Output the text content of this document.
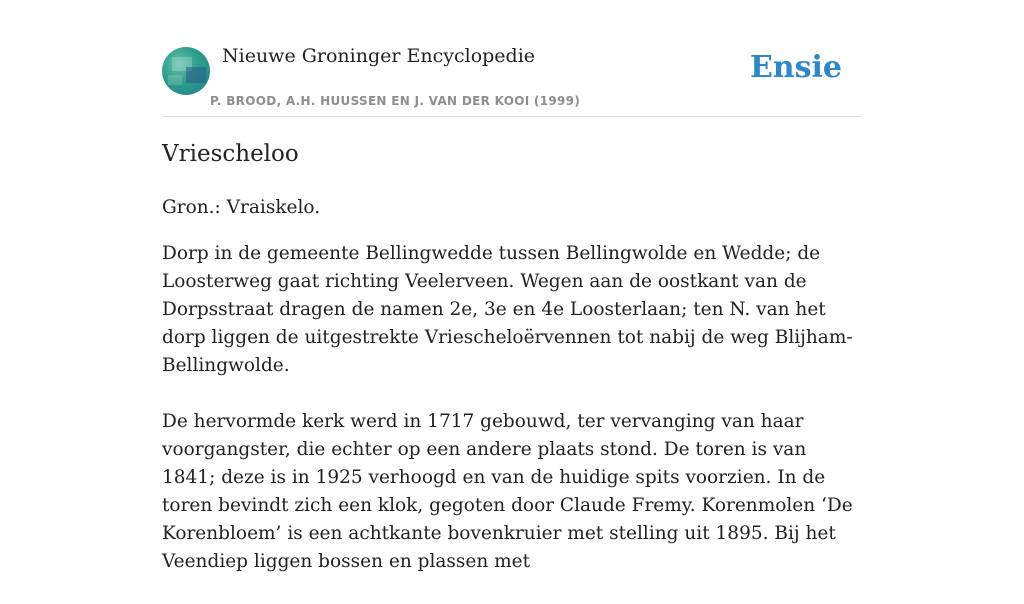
Nieuwe Groninger Encyclopedie
P. BROOD, A.H. HUUSSEN EN J. VAN DER KOOI (1999)
Ensie
Vriescheloo

Gron.: Vraiskelo.

Dorp in de gemeente Bellingwedde tussen Bellingwolde en Wedde; de Loosterweg gaat richting Veelerveen. Wegen aan de oostkant van de Dorpsstraat dragen de namen 2e, 3e en 4e Loosterlaan; ten N. van het dorp liggen de uitgestrekte Vriescheloërvennen tot nabij de weg Blijham-Bellingwolde.

De hervormde kerk werd in 1717 gebouwd, ter vervanging van haar voorgangster, die echter op een andere plaats stond. De toren is van 1841; deze is in 1925 verhoogd en van de huidige spits voorzien. In de toren bevindt zich een klok, gegoten door Claude Fremy. Korenmolen ‘De Korenbloem’ is een achtkante bovenkruier met stelling uit 1895. Bij het Veendiep liggen bossen en plassen met
